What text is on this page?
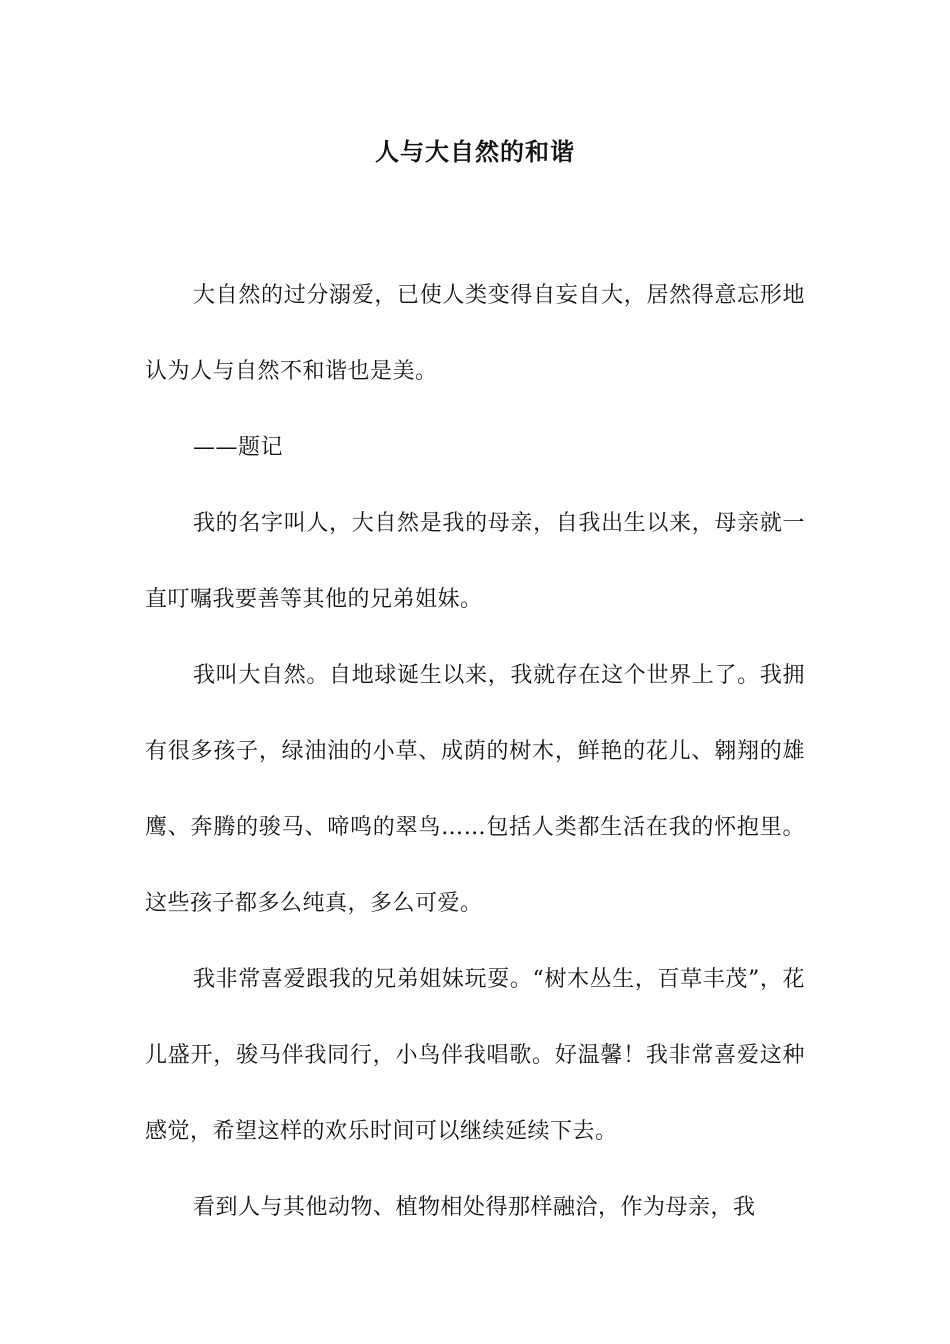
人与大自然的和谐

大自然的过分溺爱，已使人类变得自妄自大，居然得意忘形地认为人与自然不和谐也是美。

——题记

我的名字叫人，大自然是我的母亲，自我出生以来，母亲就一直叮嘱我要善等其他的兄弟姐妹。

我叫大自然。自地球诞生以来，我就存在这个世界上了。我拥有很多孩子，绿油油的小草、成荫的树木，鲜艳的花儿、翱翔的雄鹰、奔腾的骏马、啼鸣的翠鸟……包括人类都生活在我的怀抱里。这些孩子都多么纯真，多么可爱。

我非常喜爱跟我的兄弟姐妹玩耍。“树木丛生，百草丰茂”，花儿盛开，骏马伴我同行，小鸟伴我唱歌。好温馨！我非常喜爱这种感觉，希望这样的欢乐时间可以继续延续下去。

看到人与其他动物、植物相处得那样融洽，作为母亲，我
